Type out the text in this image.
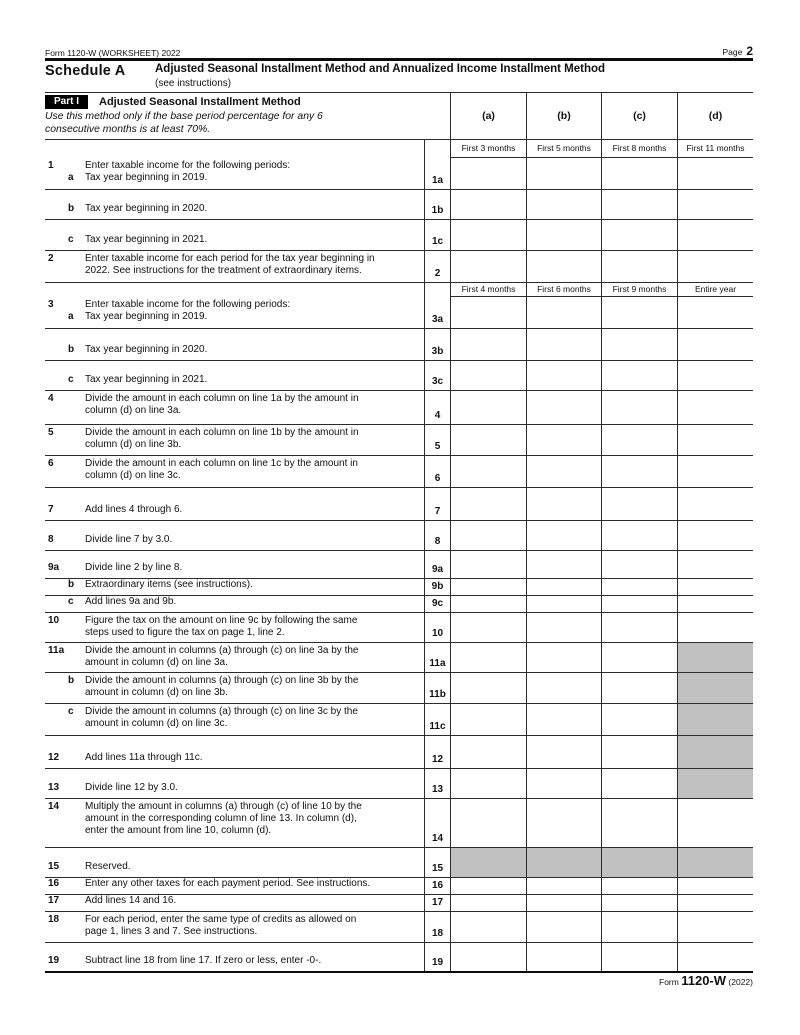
Form 1120-W (WORKSHEET) 2022	Page 2
Schedule A	Adjusted Seasonal Installment Method and Annualized Income Installment Method
(see instructions)
Part I	Adjusted Seasonal Installment Method
Use this method only if the base period percentage for any 6
consecutive months is at least 70%.
(a)	(b)	(c)	(d)
First 3 months	First 5 months	First 8 months	First 11 months
1	Enter taxable income for the following periods:
a	Tax year beginning in 2019.	1a
b	Tax year beginning in 2020.	1b
c	Tax year beginning in 2021.	1c
2	Enter taxable income for each period for the tax year beginning in
2022. See instructions for the treatment of extraordinary items.	2
First 4 months	First 6 months	First 9 months	Entire year
3	Enter taxable income for the following periods:
a	Tax year beginning in 2019.	3a
b	Tax year beginning in 2020.	3b
c	Tax year beginning in 2021.	3c
4	Divide the amount in each column on line 1a by the amount in
column (d) on line 3a.	4
5	Divide the amount in each column on line 1b by the amount in
column (d) on line 3b.	5
6	Divide the amount in each column on line 1c by the amount in
column (d) on line 3c.	6
7	Add lines 4 through 6.	7
8	Divide line 7 by 3.0.	8
9a	Divide line 2 by line 8.	9a
b	Extraordinary items (see instructions).	9b
c	Add lines 9a and 9b.	9c
10	Figure the tax on the amount on line 9c by following the same
steps used to figure the tax on page 1, line 2.	10
11a	Divide the amount in columns (a) through (c) on line 3a by the
amount in column (d) on line 3a.	11a
b	Divide the amount in columns (a) through (c) on line 3b by the
amount in column (d) on line 3b.	11b
c	Divide the amount in columns (a) through (c) on line 3c by the
amount in column (d) on line 3c.	11c
12	Add lines 11a through 11c.	12
13	Divide line 12 by 3.0.	13
14	Multiply the amount in columns (a) through (c) of line 10 by the
amount in the corresponding column of line 13. In column (d),
enter the amount from line 10, column (d).
14
15	Reserved.	15
16	Enter any other taxes for each payment period. See instructions.	16
17	Add lines 14 and 16.	17
18	For each period, enter the same type of credits as allowed on
page 1, lines 3 and 7. See instructions.	18
19	Subtract line 18 from line 17. If zero or less, enter -0-.	19
Form 1120-W (2022)
